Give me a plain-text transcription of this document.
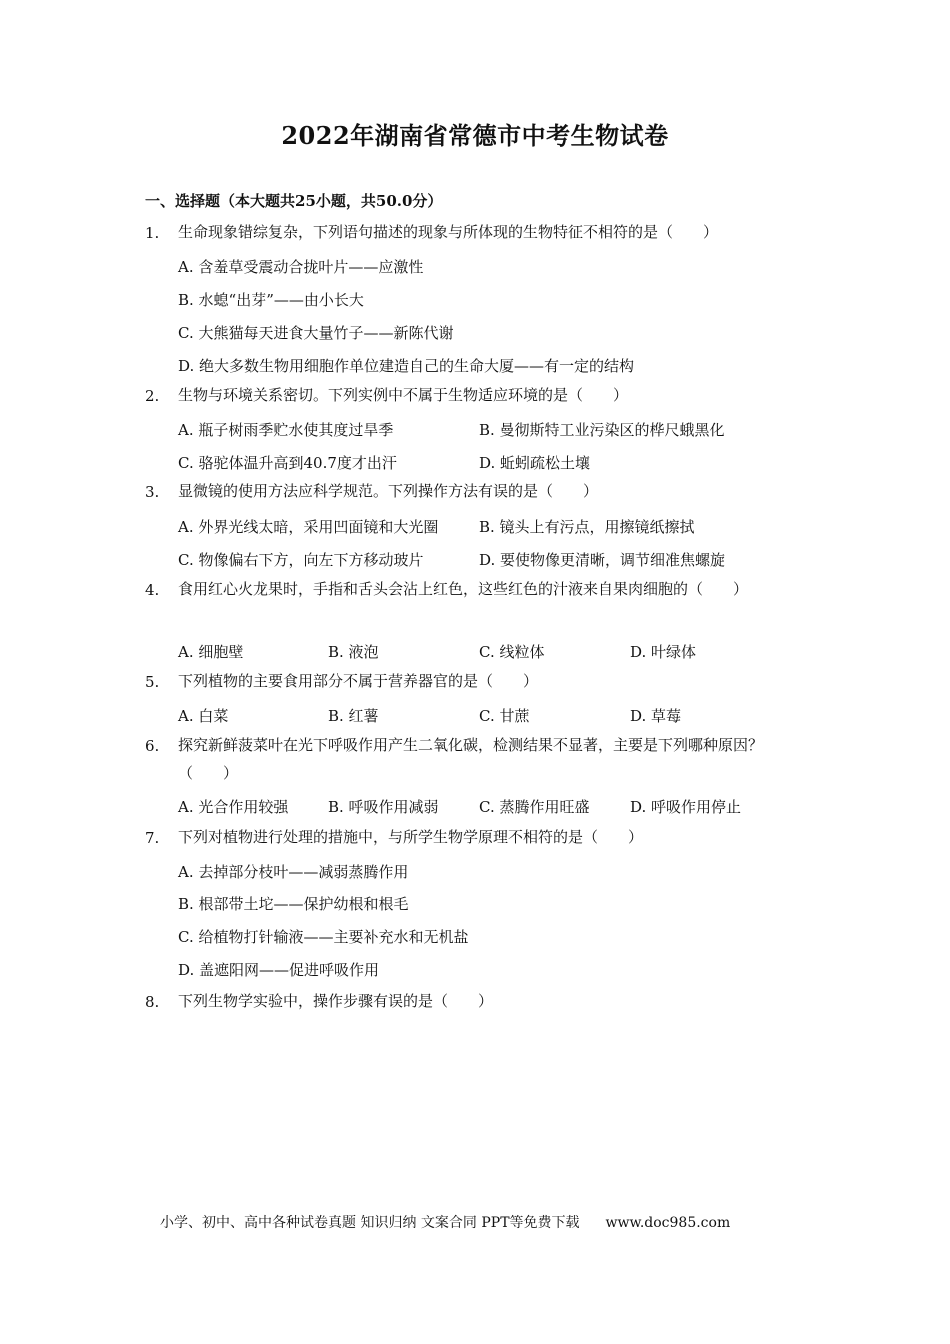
2022年湖南省常德市中考生物试卷
一、选择题（本大题共25小题，共50.0分）
1. 生命现象错综复杂，下列语句描述的现象与所体现的生物特征不相符的是（　　）
A. 含羞草受震动合拢叶片——应激性
B. 水螅“出芽”——由小长大
C. 大熊猫每天进食大量竹子——新陈代谢
D. 绝大多数生物用细胞作单位建造自己的生命大厦——有一定的结构
2. 生物与环境关系密切。下列实例中不属于生物适应环境的是（　　）
A. 瓶子树雨季贮水使其度过旱季	B. 曼彻斯特工业污染区的桦尺蛾黑化
C. 骆驼体温升高到40.7度才出汗	D. 蚯蚓疏松土壤
3. 显微镜的使用方法应科学规范。下列操作方法有误的是（　　）
A. 外界光线太暗，采用凹面镜和大光圈	B. 镜头上有污点，用擦镜纸擦拭
C. 物像偏右下方，向左下方移动玻片	D. 要使物像更清晰，调节细准焦螺旋
4. 食用红心火龙果时，手指和舌头会沾上红色，这些红色的汁液来自果肉细胞的（　　）
A. 细胞壁	B. 液泡	C. 线粒体	D. 叶绿体
5. 下列植物的主要食用部分不属于营养器官的是（　　）
A. 白菜	B. 红薯	C. 甘蔗	D. 草莓
6. 探究新鲜菠菜叶在光下呼吸作用产生二氧化碳，检测结果不显著，主要是下列哪种原因？（　　）
A. 光合作用较强	B. 呼吸作用减弱	C. 蒸腾作用旺盛	D. 呼吸作用停止
7. 下列对植物进行处理的措施中，与所学生物学原理不相符的是（　　）
A. 去掉部分枝叶——减弱蒸腾作用
B. 根部带土坨——保护幼根和根毛
C. 给植物打针输液——主要补充水和无机盐
D. 盖遮阳网——促进呼吸作用
8. 下列生物学实验中，操作步骤有误的是（　　）
小学、初中、高中各种试卷真题 知识归纳 文案合同 PPT等免费下载 www.doc985.com
